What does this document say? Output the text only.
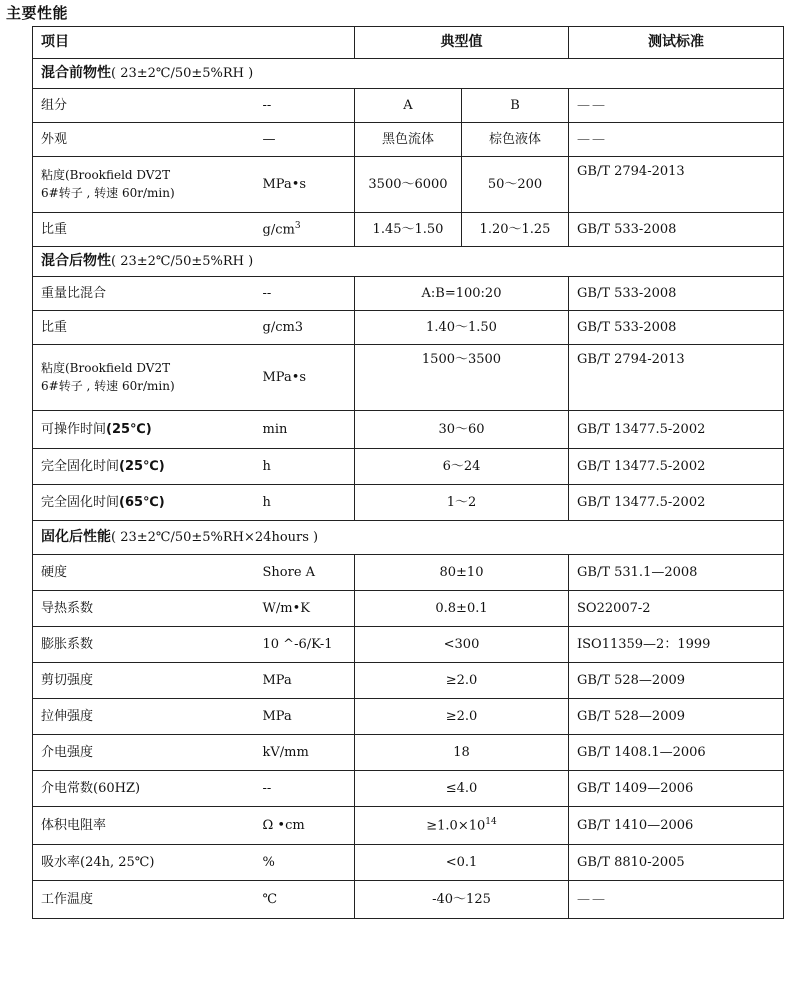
主要性能
项目		典型值		测试标准
混合前物性( 23±2℃/50±5%RH )				
组分	--	A	B	——
外观	—	黑色流体	棕色液体	——
粘度(Brookfield DV2T
6#转子 , 转速 60r/min)	MPa•s	3500～6000	50～200	GB/T 2794-2013
比重	$g/cm^3$	1.45～1.50	1.20～1.25	GB/T 533-2008
混合后物性( 23±2℃/50±5%RH )				
重量比混合	--	A:B=100:20		GB/T 533-2008
比重	g/cm3	1.40～1.50		GB/T 533-2008
粘度(Brookfield DV2T
6#转子 , 转速 60r/min)	MPa•s	1500～3500		GB/T 2794-2013
可操作时间(25℃)	min	30～60		GB/T 13477.5-2002
完全固化时间(25℃)	h	6～24		GB/T 13477.5-2002
完全固化时间(65℃)	h	1～2		GB/T 13477.5-2002
固化后性能( 23±2℃/50±5%RH×24hours )				
硬度	Shore A	80±10		GB/T 531.1—2008
导热系数	W/m•K	0.8±0.1		SO22007-2
膨胀系数	10 ^-6/K-1	<300		ISO11359—2：1999
剪切强度	MPa	≥2.0		GB/T 528—2009
拉伸强度	MPa	≥2.0		GB/T 528—2009
介电强度	kV/mm	18		GB/T 1408.1—2006
介电常数(60HZ)	--	≤4.0		GB/T 1409—2006
体积电阻率	Ω •cm	$\ge 1.0\times 10^{14}$		GB/T 1410—2006
吸水率(24h, 25℃)	%	<0.1		GB/T 8810-2005
工作温度	℃	-40～125		——
